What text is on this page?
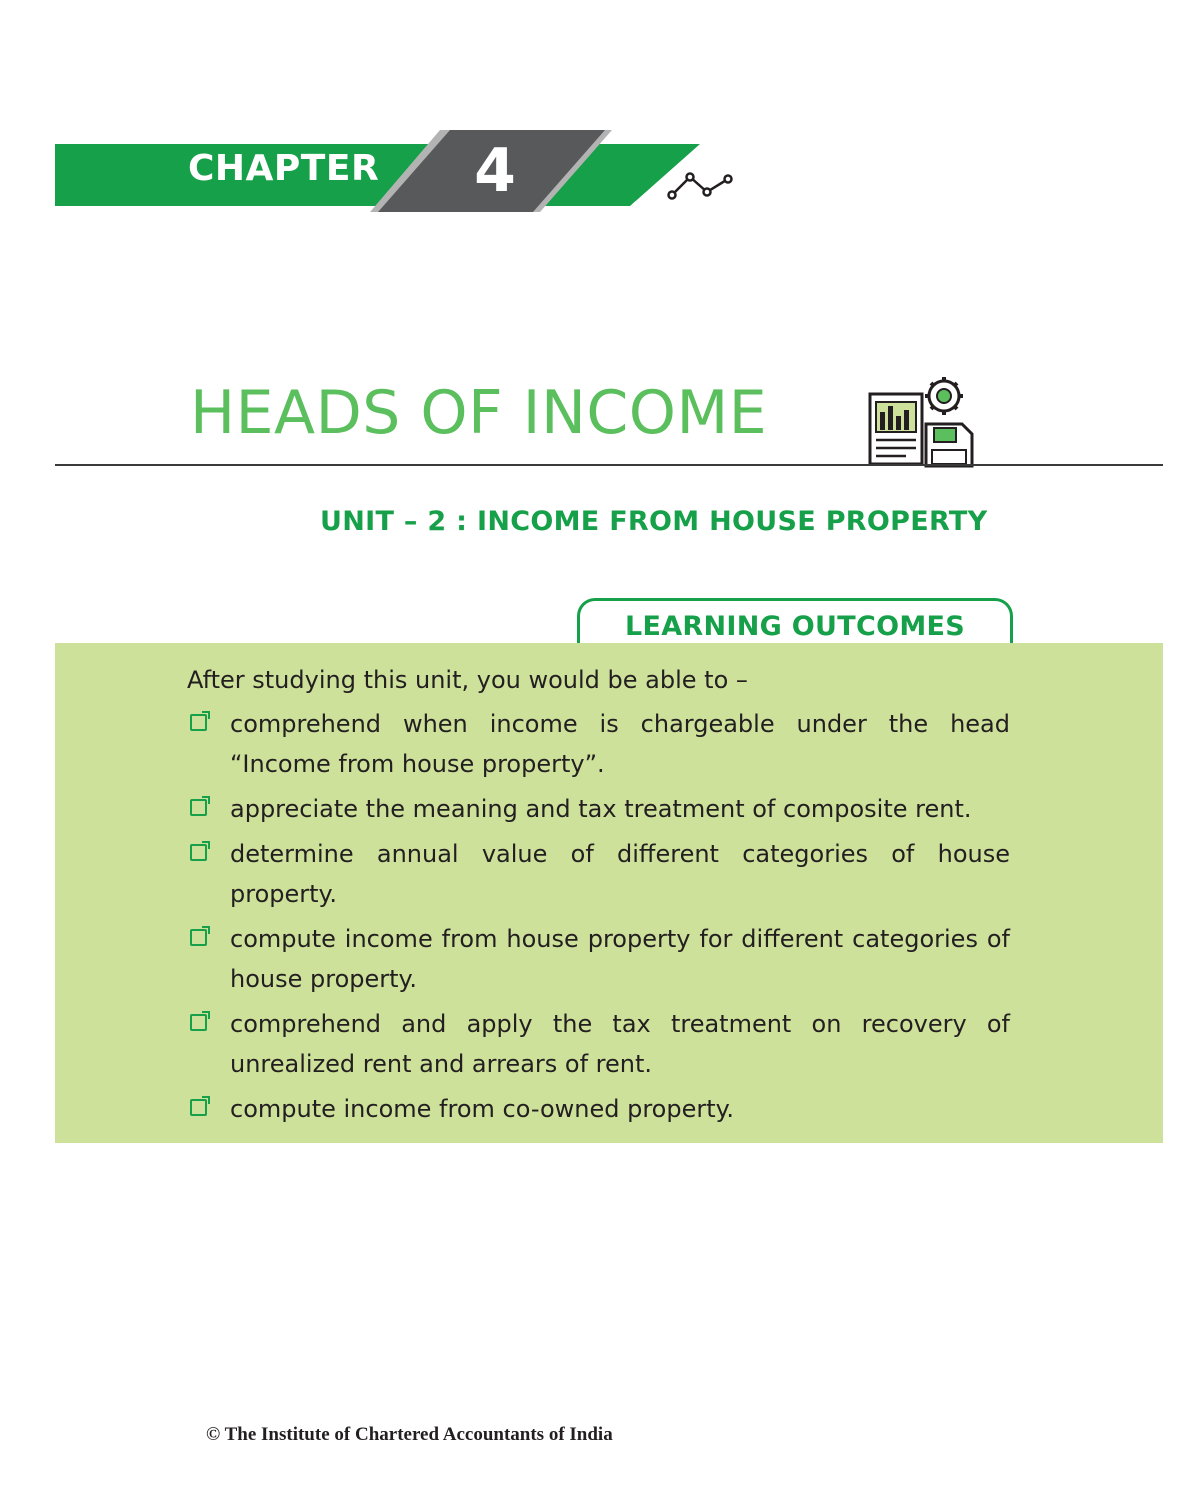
CHAPTER 4
HEADS OF INCOME
UNIT – 2 : INCOME FROM HOUSE PROPERTY
LEARNING OUTCOMES
After studying this unit, you would be able to –
comprehend when income is chargeable under the head “Income from house property”.
appreciate the meaning and tax treatment of composite rent.
determine annual value of different categories of house property.
compute income from house property for different categories of house property.
comprehend and apply the tax treatment on recovery of unrealized rent and arrears of rent.
compute income from co-owned property.
© The Institute of Chartered Accountants of India
